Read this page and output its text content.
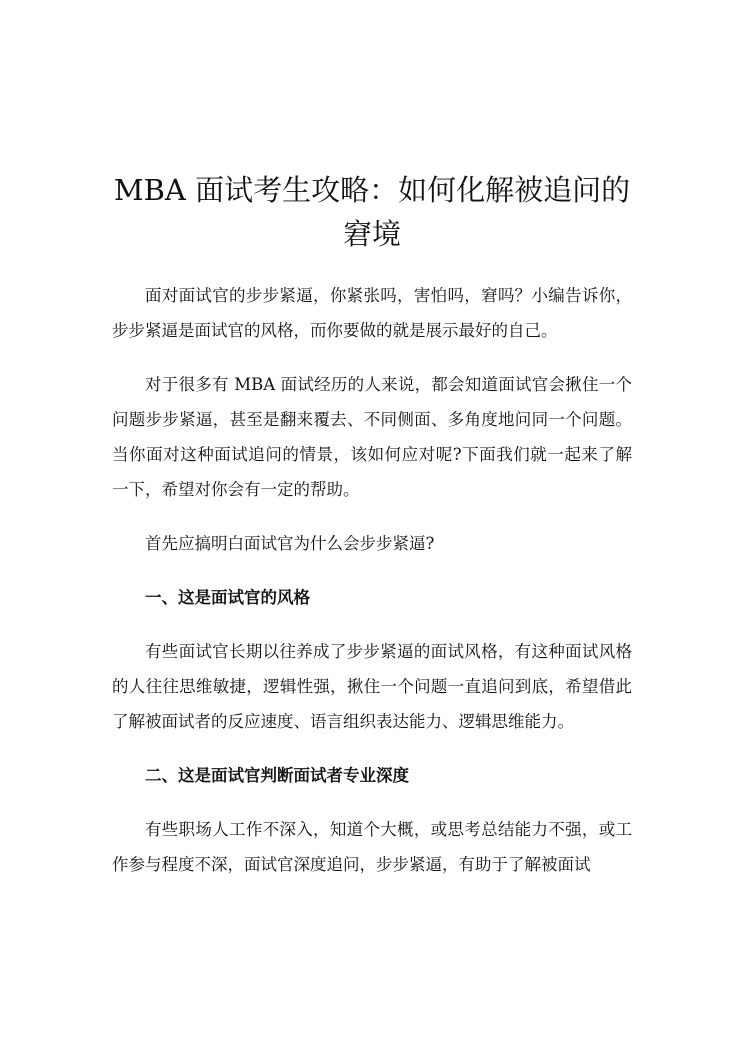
MBA 面试考生攻略：如何化解被追问的窘境

面对面试官的步步紧逼，你紧张吗，害怕吗，窘吗？小编告诉你，步步紧逼是面试官的风格，而你要做的就是展示最好的自己。

对于很多有 MBA 面试经历的人来说，都会知道面试官会揪住一个问题步步紧逼，甚至是翻来覆去、不同侧面、多角度地问同一个问题。当你面对这种面试追问的情景，该如何应对呢?下面我们就一起来了解一下，希望对你会有一定的帮助。

首先应搞明白面试官为什么会步步紧逼?

一、这是面试官的风格

有些面试官长期以往养成了步步紧逼的面试风格，有这种面试风格的人往往思维敏捷，逻辑性强，揪住一个问题一直追问到底，希望借此了解被面试者的反应速度、语言组织表达能力、逻辑思维能力。

二、这是面试官判断面试者专业深度

有些职场人工作不深入，知道个大概，或思考总结能力不强，或工作参与程度不深，面试官深度追问，步步紧逼，有助于了解被面试
